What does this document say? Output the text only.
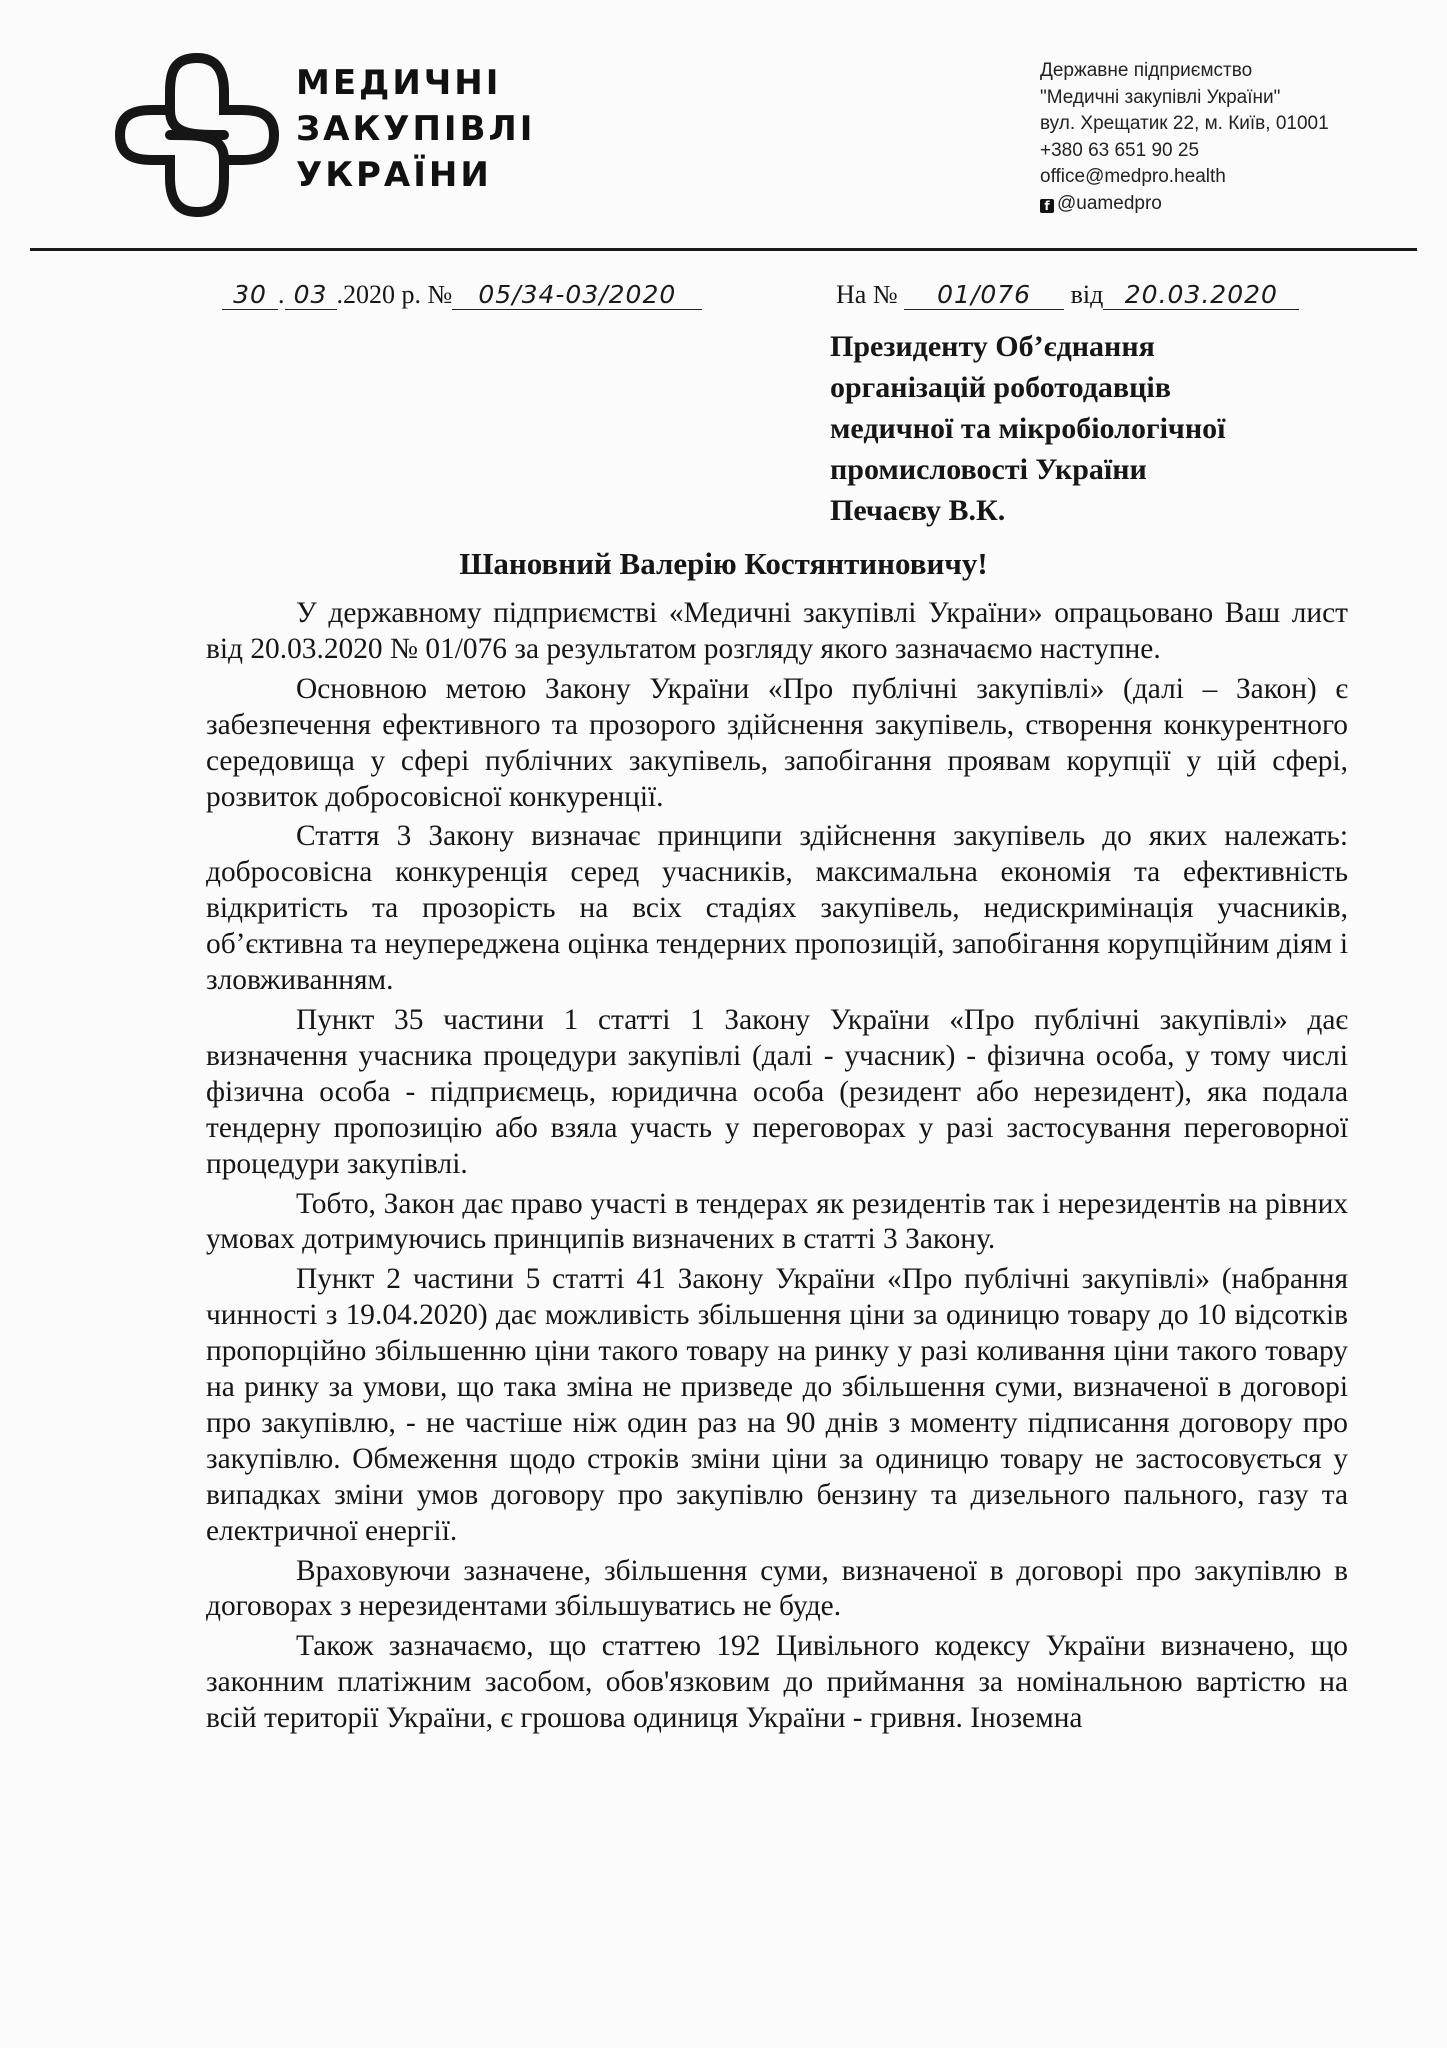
МЕДИЧНІ
ЗАКУПІВЛІ
УКРАЇНИ
Державне підприємство
"Медичні закупівлі України"
вул. Хрещатик 22, м. Київ, 01001
+380 63 651 90 25
office@medpro.health
f @uamedpro
30 . 03 .2020 р. № 05/34-03/2020	На № 01/076 від 20.03.2020
Президенту Об’єднання
організацій роботодавців
медичної та мікробіологічної
промисловості України
Печаєву В.К.
Шановний Валерію Костянтиновичу!

У державному підприємстві «Медичні закупівлі України» опрацьовано Ваш лист від 20.03.2020 № 01/076 за результатом розгляду якого зазначаємо наступне.

Основною метою Закону України «Про публічні закупівлі» (далі – Закон) є забезпечення ефективного та прозорого здійснення закупівель, створення конкурентного середовища у сфері публічних закупівель, запобігання проявам корупції у цій сфері, розвиток добросовісної конкуренції.

Стаття 3 Закону визначає принципи здійснення закупівель до яких належать: добросовісна конкуренція серед учасників, максимальна економія та ефективність відкритість та прозорість на всіх стадіях закупівель, недискримінація учасників, об’єктивна та неупереджена оцінка тендерних пропозицій, запобігання корупційним діям і зловживанням.

Пункт 35 частини 1 статті 1 Закону України «Про публічні закупівлі» дає визначення учасника процедури закупівлі (далі - учасник) - фізична особа, у тому числі фізична особа - підприємець, юридична особа (резидент або нерезидент), яка подала тендерну пропозицію або взяла участь у переговорах у разі застосування переговорної процедури закупівлі.

Тобто, Закон дає право участі в тендерах як резидентів так і нерезидентів на рівних умовах дотримуючись принципів визначених в статті 3 Закону.

Пункт 2 частини 5 статті 41 Закону України «Про публічні закупівлі» (набрання чинності з 19.04.2020) дає можливість збільшення ціни за одиницю товару до 10 відсотків пропорційно збільшенню ціни такого товару на ринку у разі коливання ціни такого товару на ринку за умови, що така зміна не призведе до збільшення суми, визначеної в договорі про закупівлю, - не частіше ніж один раз на 90 днів з моменту підписання договору про закупівлю. Обмеження щодо строків зміни ціни за одиницю товару не застосовується у випадках зміни умов договору про закупівлю бензину та дизельного пального, газу та електричної енергії.

Враховуючи зазначене, збільшення суми, визначеної в договорі про закупівлю в договорах з нерезидентами збільшуватись не буде.

Також зазначаємо, що статтею 192 Цивільного кодексу України визначено, що законним платіжним засобом, обов'язковим до приймання за номінальною вартістю на всій території України, є грошова одиниця України - гривня. Іноземна
